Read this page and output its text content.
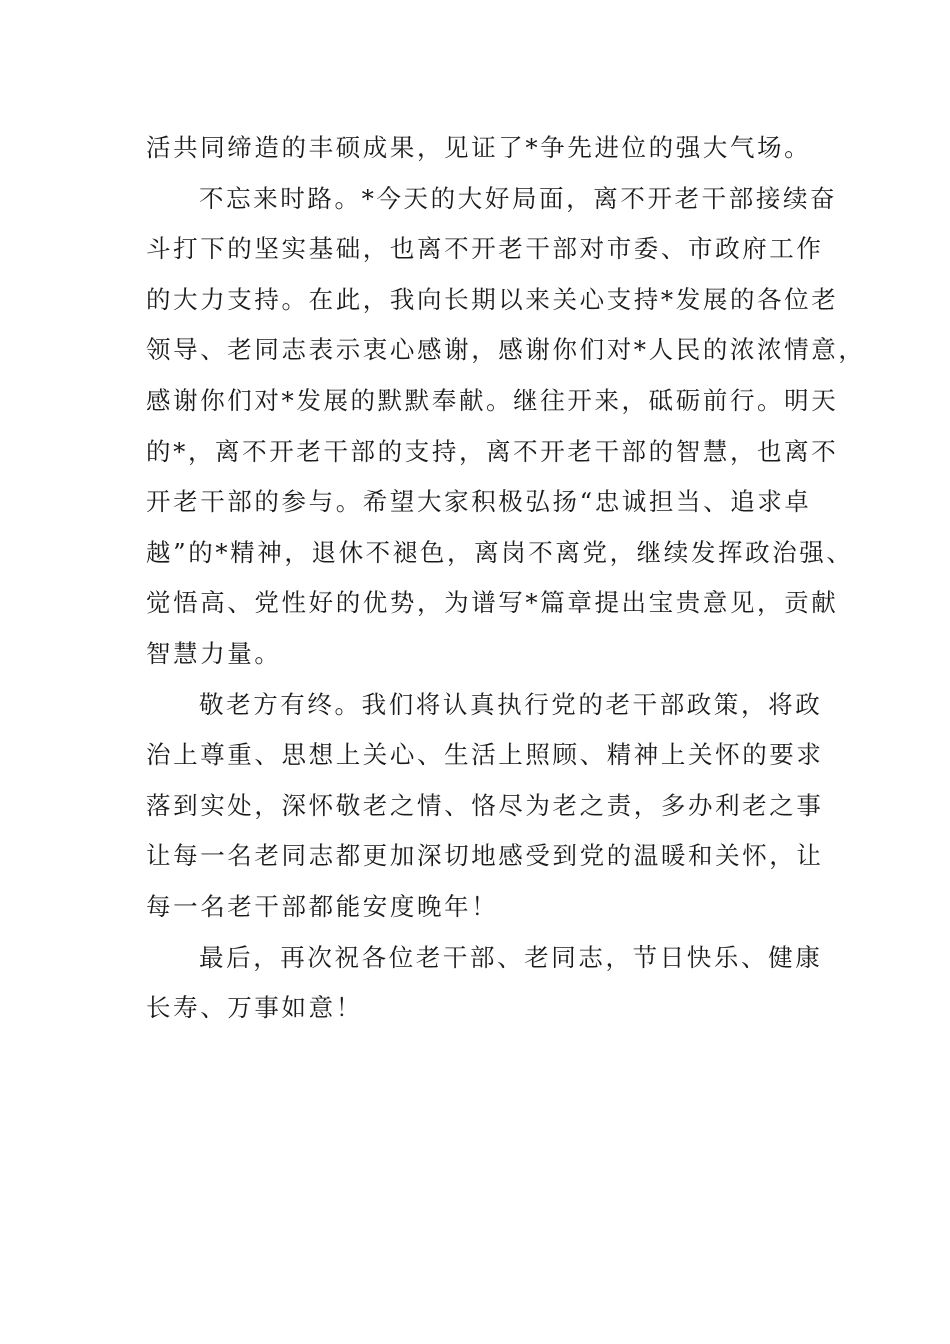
活共同缔造的丰硕成果，见证了*争先进位的强大气场。
不忘来时路。*今天的大好局面，离不开老干部接续奋
斗打下的坚实基础，也离不开老干部对市委、市政府工作
的大力支持。在此，我向长期以来关心支持*发展的各位老
领导、老同志表示衷心感谢，感谢你们对*人民的浓浓情意，
感谢你们对*发展的默默奉献。继往开来，砥砺前行。明天
的*，离不开老干部的支持，离不开老干部的智慧，也离不
开老干部的参与。希望大家积极弘扬“忠诚担当、追求卓
越”的*精神，退休不褪色，离岗不离党，继续发挥政治强、
觉悟高、党性好的优势，为谱写*篇章提出宝贵意见，贡献
智慧力量。
敬老方有终。我们将认真执行党的老干部政策，将政
治上尊重、思想上关心、生活上照顾、精神上关怀的要求
落到实处，深怀敬老之情、恪尽为老之责，多办利老之事
让每一名老同志都更加深切地感受到党的温暖和关怀，让
每一名老干部都能安度晚年！
最后，再次祝各位老干部、老同志，节日快乐、健康
长寿、万事如意！
